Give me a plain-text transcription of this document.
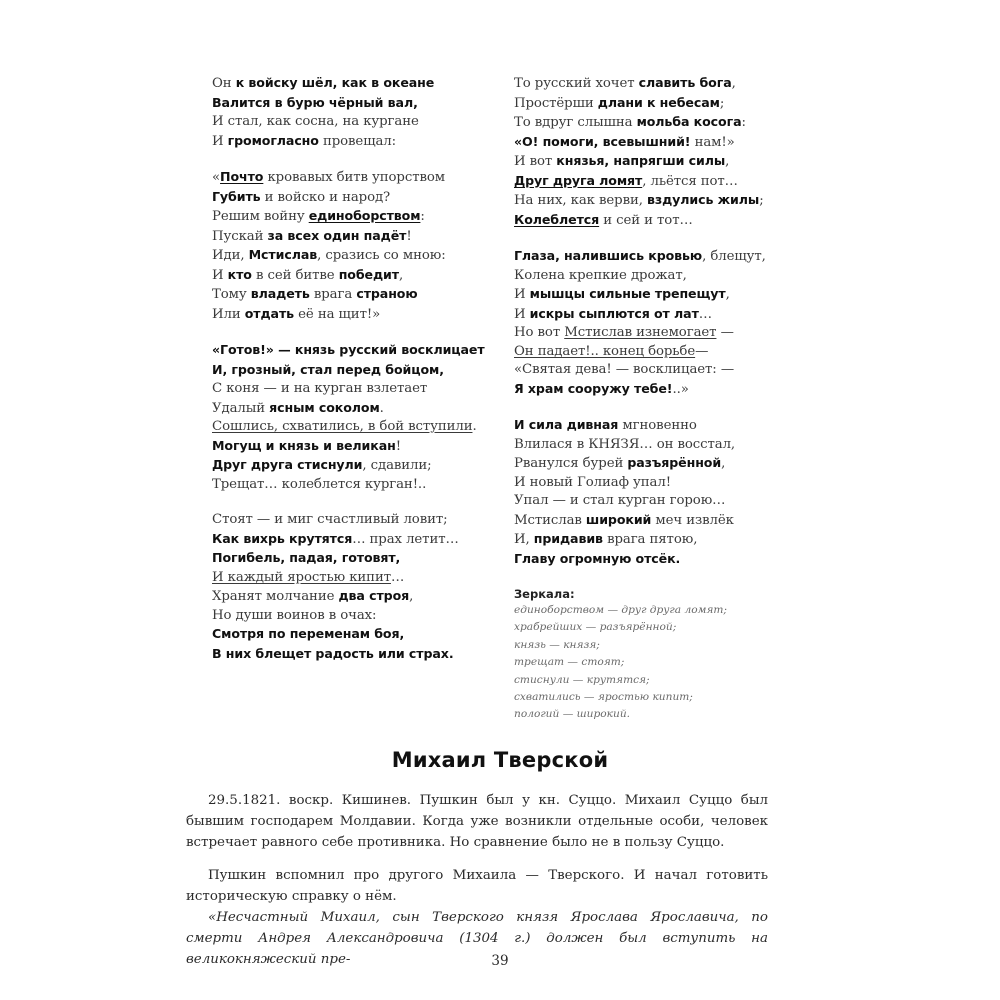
Он к войску шёл, как в океане
Валится в бурю чёрный вал,
И стал, как сосна, на кургане
И громогласно провещал:
«Почто кровавых битв упорством
Губить и войско и народ?
Решим войну единоборством:
Пускай за всех один падёт!
Иди, Мстислав, сразись со мною:
И кто в сей битве победит,
Тому владеть врага страною
Или отдать её на щит!»
«Готов!» — князь русский восклицает
И, грозный, стал перед бойцом,
С коня — и на курган взлетает
Удалый ясным соколом.
Сошлись, схватились, в бой вступили.
Могущ и князь и великан!
Друг друга стиснули, сдавили;
Трещат… колеблется курган!..
Стоят — и миг счастливый ловит;
Как вихрь крутятся… прах летит…
Погибель, падая, готовят,
И каждый яростью кипит…
Хранят молчание два строя,
Но души воинов в очах:
Смотря по переменам боя,
В них блещет радость или страх.
То русский хочет славить бога,
Простёрши длани к небесам;
То вдруг слышна мольба косога:
«О! помоги, всевышний! нам!»
И вот князья, напрягши силы,
Друг друга ломят, льётся пот…
На них, как верви, вздулись жилы;
Колеблется и сей и тот…
Глаза, налившись кровью, блещут,
Колена крепкие дрожат,
И мышцы сильные трепещут,
И искры сыплются от лат…
Но вот Мстислав изнемогает —
Он падает!.. конец борьбе—
«Святая дева! — восклицает: —
Я храм сооружу тебе!..»
И сила дивная мгновенно
Влилася в КНЯЗЯ… он восстал,
Рванулся бурей разъярённой,
И новый Голиаф упал!
Упал — и стал курган горою…
Мстислав широкий меч извлёк
И, придавив врага пятою,
Главу огромную отсёк.
Зеркала:
единоборством — друг друга ломят;
храбрейших — разъярённой;
князь — князя;
трещат — стоят;
стиснули — крутятся;
схватились — яростью кипит;
пологий — широкий.
Михаил Тверской

29.5.1821. воскр. Кишинев. Пушкин был у кн. Суццо. Михаил Суццо был бывшим господарем Молдавии. Когда уже возникли отдельные особи, человек встречает равного себе противника. Но сравнение было не в пользу Суццо.

Пушкин вспомнил про другого Михаила — Тверского. И начал готовить историческую справку о нём.

«Несчастный Михаил, сын Тверского князя Ярослава Ярославича, по смерти Андрея Александровича (1304 г.) должен был вступить на великокняжеский пре-	39
